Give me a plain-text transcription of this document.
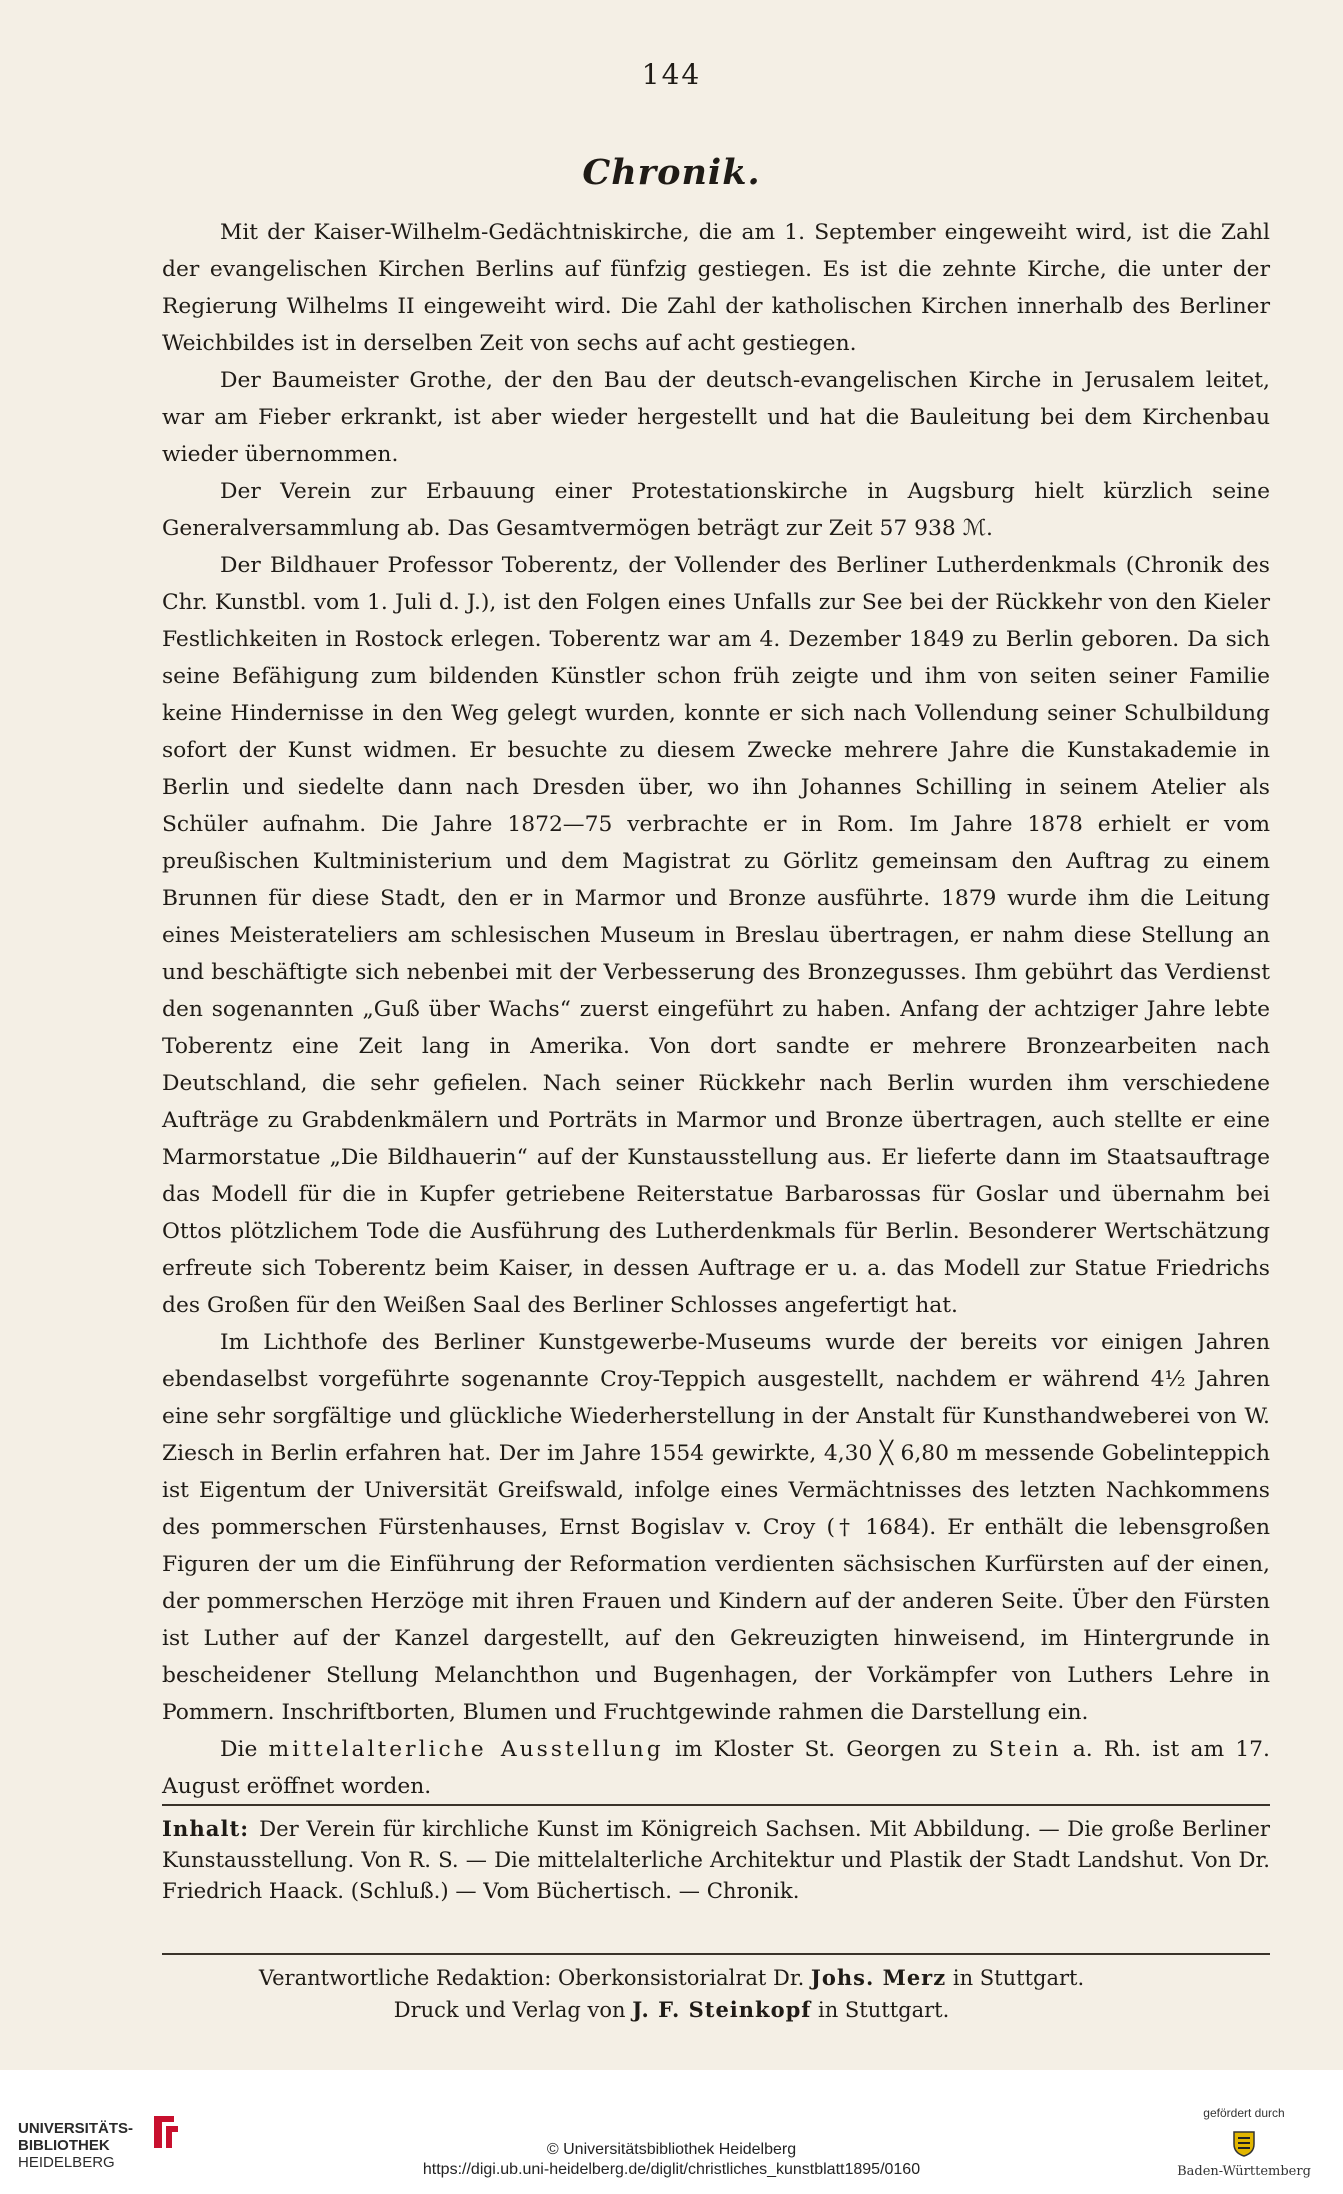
144
Chronik.

Mit der Kaiser-Wilhelm-Gedächtniskirche, die am 1. September eingeweiht wird, ist die Zahl der evangelischen Kirchen Berlins auf fünfzig gestiegen. Es ist die zehnte Kirche, die unter der Regierung Wilhelms II eingeweiht wird. Die Zahl der katholischen Kirchen innerhalb des Berliner Weichbildes ist in derselben Zeit von sechs auf acht gestiegen.

Der Baumeister Grothe, der den Bau der deutsch-evangelischen Kirche in Jerusalem leitet, war am Fieber erkrankt, ist aber wieder hergestellt und hat die Bauleitung bei dem Kirchenbau wieder übernommen.

Der Verein zur Erbauung einer Protestationskirche in Augsburg hielt kürzlich seine Generalversammlung ab. Das Gesamtvermögen beträgt zur Zeit 57 938 ℳ.

Der Bildhauer Professor Toberentz, der Vollender des Berliner Lutherdenkmals (Chronik des Chr. Kunstbl. vom 1. Juli d. J.), ist den Folgen eines Unfalls zur See bei der Rückkehr von den Kieler Festlichkeiten in Rostock erlegen. Toberentz war am 4. Dezember 1849 zu Berlin geboren. Da sich seine Befähigung zum bildenden Künstler schon früh zeigte und ihm von seiten seiner Familie keine Hindernisse in den Weg gelegt wurden, konnte er sich nach Vollendung seiner Schulbildung sofort der Kunst widmen. Er besuchte zu diesem Zwecke mehrere Jahre die Kunstakademie in Berlin und siedelte dann nach Dresden über, wo ihn Johannes Schilling in seinem Atelier als Schüler aufnahm. Die Jahre 1872—75 verbrachte er in Rom. Im Jahre 1878 erhielt er vom preußischen Kultministerium und dem Magistrat zu Görlitz gemeinsam den Auftrag zu einem Brunnen für diese Stadt, den er in Marmor und Bronze ausführte. 1879 wurde ihm die Leitung eines Meisterateliers am schlesischen Museum in Breslau übertragen, er nahm diese Stellung an und beschäftigte sich nebenbei mit der Verbesserung des Bronzegusses. Ihm gebührt das Verdienst den sogenannten „Guß über Wachs“ zuerst eingeführt zu haben. Anfang der achtziger Jahre lebte Toberentz eine Zeit lang in Amerika. Von dort sandte er mehrere Bronzearbeiten nach Deutschland, die sehr gefielen. Nach seiner Rückkehr nach Berlin wurden ihm verschiedene Aufträge zu Grabdenkmälern und Porträts in Marmor und Bronze übertragen, auch stellte er eine Marmorstatue „Die Bildhauerin“ auf der Kunstausstellung aus. Er lieferte dann im Staatsauftrage das Modell für die in Kupfer getriebene Reiterstatue Barbarossas für Goslar und übernahm bei Ottos plötzlichem Tode die Ausführung des Lutherdenkmals für Berlin. Besonderer Wertschätzung erfreute sich Toberentz beim Kaiser, in dessen Auftrage er u. a. das Modell zur Statue Friedrichs des Großen für den Weißen Saal des Berliner Schlosses angefertigt hat.

Im Lichthofe des Berliner Kunstgewerbe-Museums wurde der bereits vor einigen Jahren ebendaselbst vorgeführte sogenannte Croy-Teppich ausgestellt, nachdem er während 4½ Jahren eine sehr sorgfältige und glückliche Wiederherstellung in der Anstalt für Kunsthandweberei von W. Ziesch in Berlin erfahren hat. Der im Jahre 1554 gewirkte, 4,30 ╳ 6,80 m messende Gobelinteppich ist Eigentum der Universität Greifswald, infolge eines Vermächtnisses des letzten Nachkommens des pommerschen Fürstenhauses, Ernst Bogislav v. Croy († 1684). Er enthält die lebensgroßen Figuren der um die Einführung der Reformation verdienten sächsischen Kurfürsten auf der einen, der pommerschen Herzöge mit ihren Frauen und Kindern auf der anderen Seite. Über den Fürsten ist Luther auf der Kanzel dargestellt, auf den Gekreuzigten hinweisend, im Hintergrunde in bescheidener Stellung Melanchthon und Bugenhagen, der Vorkämpfer von Luthers Lehre in Pommern. Inschriftborten, Blumen und Fruchtgewinde rahmen die Darstellung ein.

Die mittelalterliche Ausstellung im Kloster St. Georgen zu Stein a. Rh. ist am 17. August eröffnet worden.

Inhalt: Der Verein für kirchliche Kunst im Königreich Sachsen. Mit Abbildung. — Die große Berliner Kunstausstellung. Von R. S. — Die mittelalterliche Architektur und Plastik der Stadt Landshut. Von Dr. Friedrich Haack. (Schluß.) — Vom Büchertisch. — Chronik.
Verantwortliche Redaktion: Oberkonsistorialrat Dr. Johs. Merz in Stuttgart.
Druck und Verlag von J. F. Steinkopf in Stuttgart.
UNIVERSITÄTS-
BIBLIOTHEK
HEIDELBERG
© Universitätsbibliothek Heidelberg
https://digi.ub.uni-heidelberg.de/diglit/christliches_kunstblatt1895/0160
gefördert durch
Baden-Württemberg
